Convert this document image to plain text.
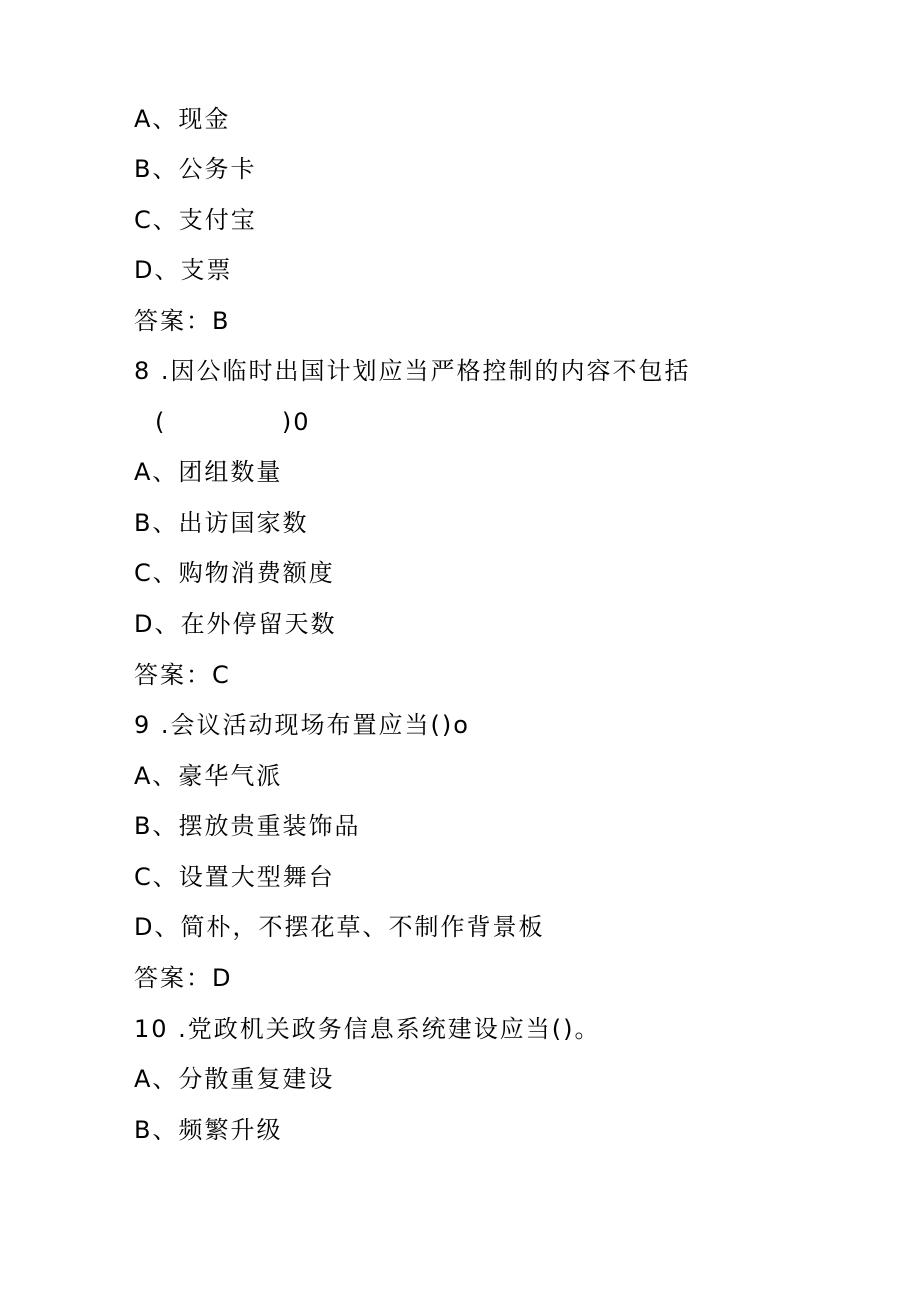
A、现金
B、公务卡
C、支付宝
D、支票
答案：B
8 .因公临时出国计划应当严格控制的内容不包括
(            )0
A、团组数量
B、出访国家数
C、购物消费额度
D、在外停留天数
答案：C
9 .会议活动现场布置应当()o
A、豪华气派
B、摆放贵重装饰品
C、设置大型舞台
D、简朴，不摆花草、不制作背景板
答案：D
10 .党政机关政务信息系统建设应当()。
A、分散重复建设
B、频繁升级
